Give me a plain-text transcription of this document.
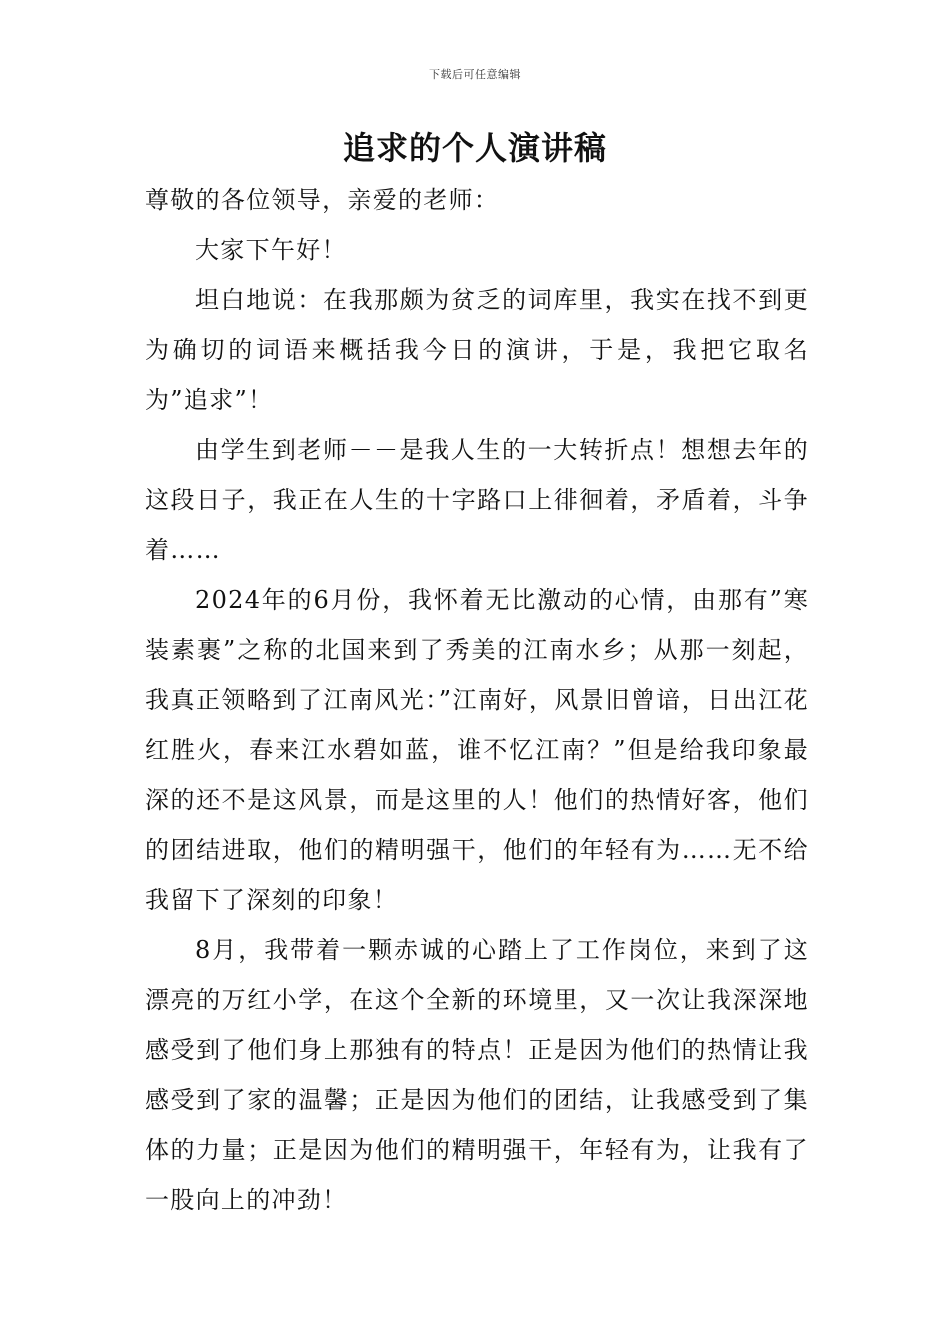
下载后可任意编辑
追求的个人演讲稿

尊敬的各位领导，亲爱的老师：

大家下午好！

坦白地说：在我那颇为贫乏的词库里，我实在找不到更为确切的词语来概括我今日的演讲，于是，我把它取名为”追求”！

由学生到老师－－是我人生的一大转折点！想想去年的这段日子，我正在人生的十字路口上徘徊着，矛盾着，斗争着……

2024年的6月份，我怀着无比激动的心情，由那有”寒装素裹”之称的北国来到了秀美的江南水乡；从那一刻起，我真正领略到了江南风光：”江南好，风景旧曾谙，日出江花红胜火，春来江水碧如蓝，谁不忆江南？”但是给我印象最深的还不是这风景，而是这里的人！他们的热情好客，他们的团结进取，他们的精明强干，他们的年轻有为……无不给我留下了深刻的印象！

8月，我带着一颗赤诚的心踏上了工作岗位，来到了这漂亮的万红小学，在这个全新的环境里，又一次让我深深地感受到了他们身上那独有的特点！正是因为他们的热情让我感受到了家的温馨；正是因为他们的团结，让我感受到了集体的力量；正是因为他们的精明强干，年轻有为，让我有了一股向上的冲劲！
